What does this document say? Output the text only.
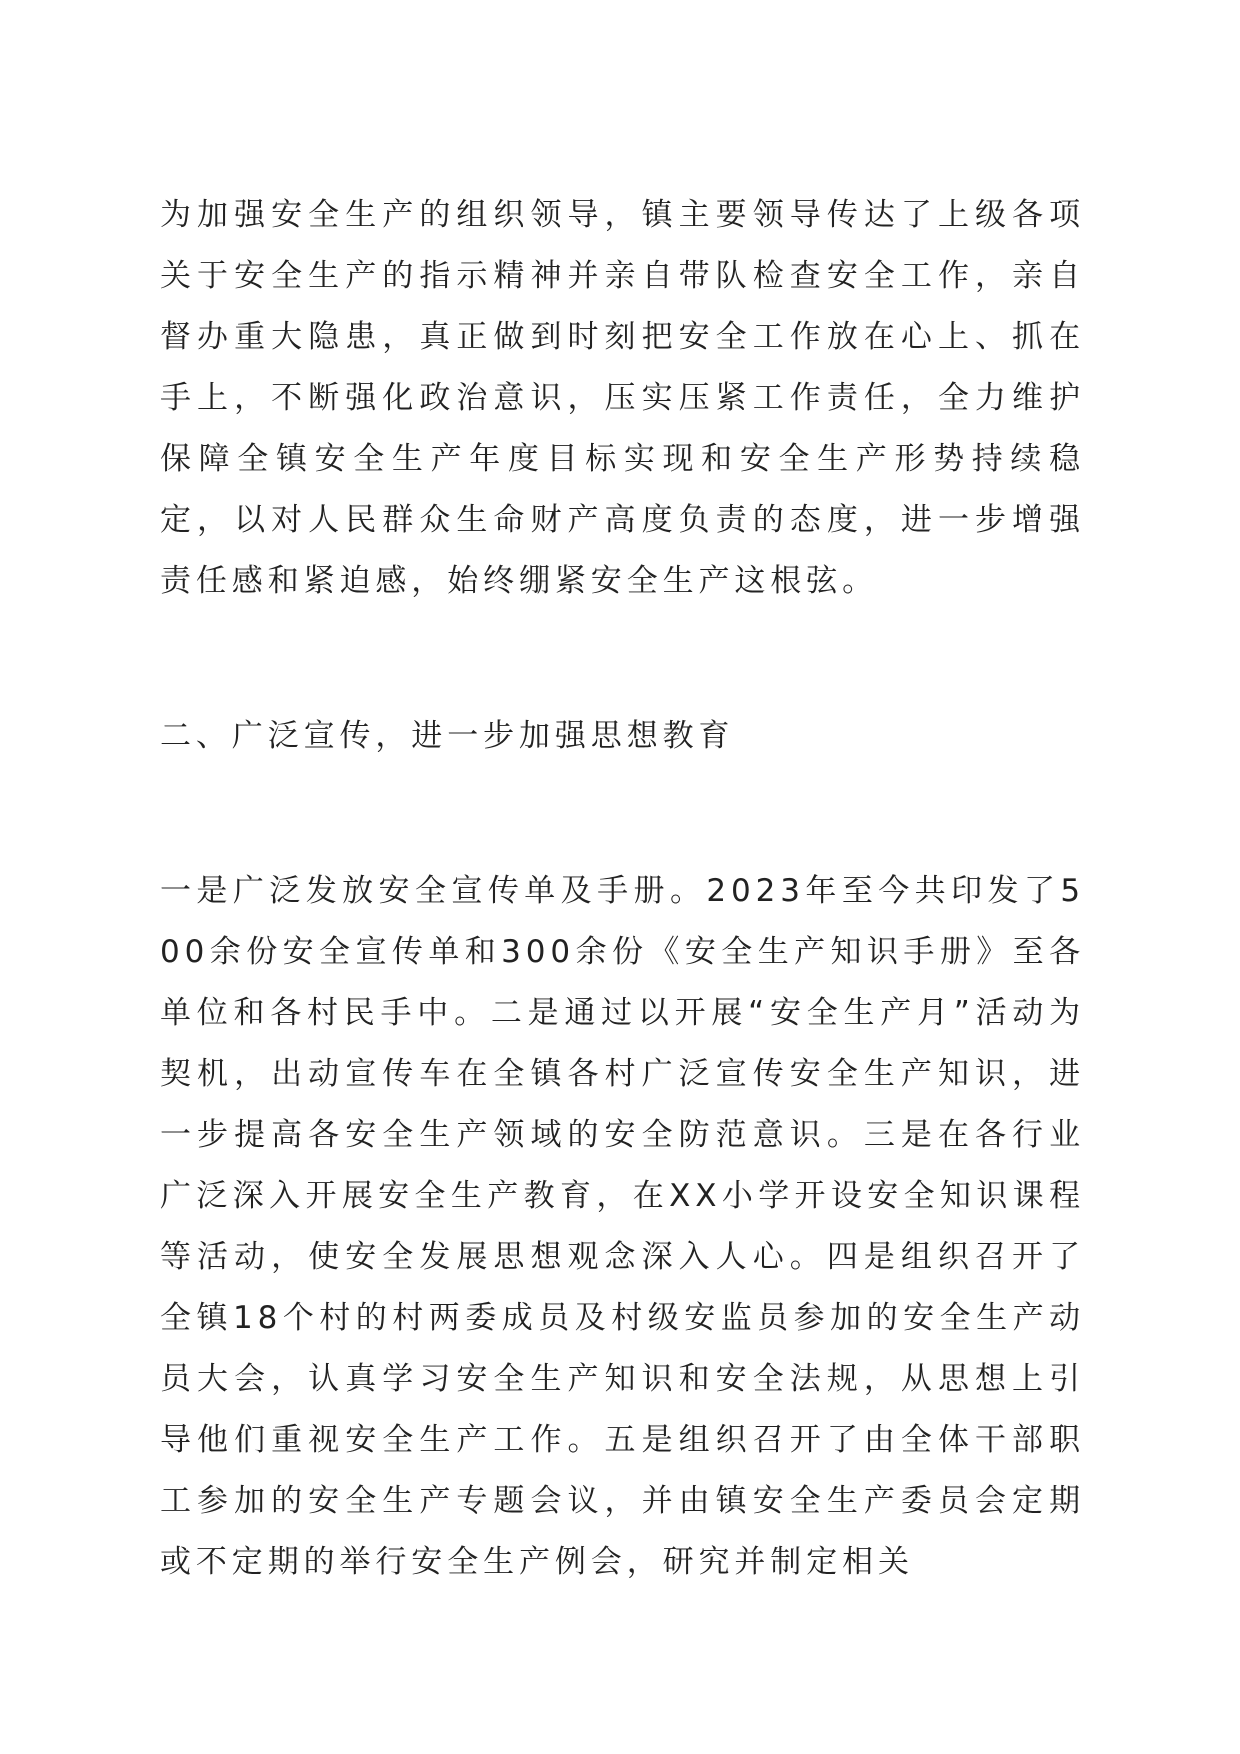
为加强安全生产的组织领导，镇主要领导传达了上级各项关于安全生产的指示精神并亲自带队检查安全工作，亲自督办重大隐患，真正做到时刻把安全工作放在心上、抓在手上，不断强化政治意识，压实压紧工作责任，全力维护保障全镇安全生产年度目标实现和安全生产形势持续稳定，以对人民群众生命财产高度负责的态度，进一步增强责任感和紧迫感，始终绷紧安全生产这根弦。

二、广泛宣传，进一步加强思想教育

一是广泛发放安全宣传单及手册。2023年至今共印发了500余份安全宣传单和300余份《安全生产知识手册》至各单位和各村民手中。二是通过以开展“安全生产月”活动为契机，出动宣传车在全镇各村广泛宣传安全生产知识，进一步提高各安全生产领域的安全防范意识。三是在各行业广泛深入开展安全生产教育，在XX小学开设安全知识课程等活动，使安全发展思想观念深入人心。四是组织召开了全镇18个村的村两委成员及村级安监员参加的安全生产动员大会，认真学习安全生产知识和安全法规，从思想上引导他们重视安全生产工作。五是组织召开了由全体干部职工参加的安全生产专题会议，并由镇安全生产委员会定期或不定期的举行安全生产例会，研究并制定相关
